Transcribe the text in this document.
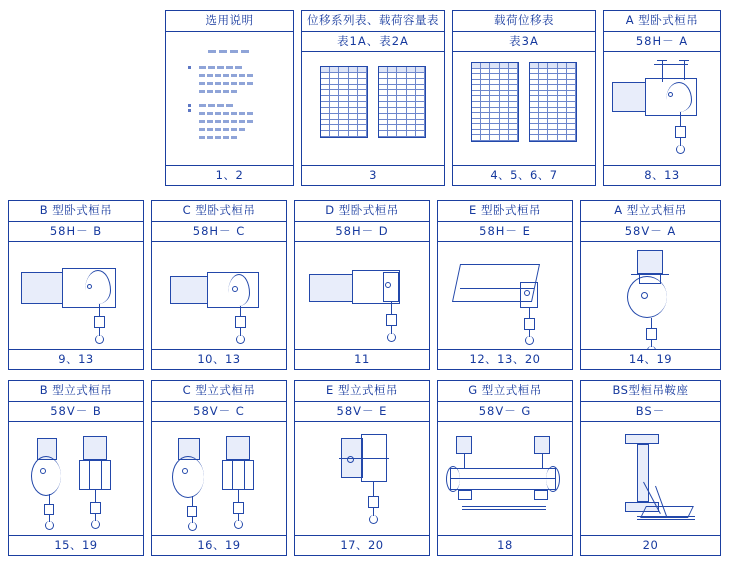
选用说明
1、2
位移系列表、载荷容量表
表1A、表2A
3
载荷位移表
表3A
4、5、6、7
A 型卧式桓吊
58H－ A
8、13
B 型卧式桓吊
58H－ B
9、13
C 型卧式桓吊
58H－ C
10、13
D 型卧式桓吊
58H－ D
11
E 型卧式桓吊
58H－ E
12、13、20
A 型立式桓吊
58V－ A
14、19
B 型立式桓吊
58V－ B
15、19
C 型立式桓吊
58V－ C
16、19
E 型立式桓吊
58V－ E
17、20
G 型立式桓吊
58V－ G
18
BS型桓吊鞍座
BS－
20
